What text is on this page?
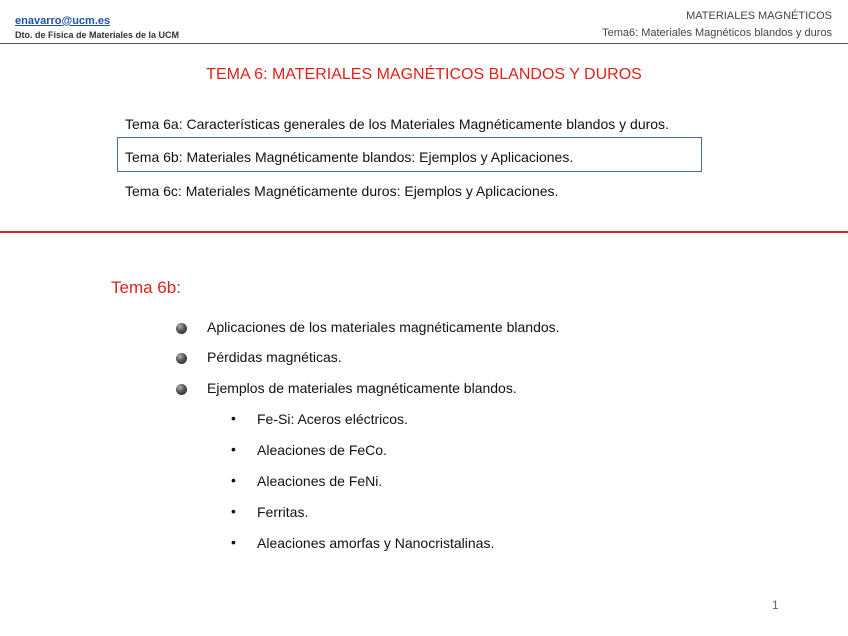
enavarro@ucm.es
Dto. de Física de Materiales de la UCM
MATERIALES MAGNÉTICOS
Tema6: Materiales Magnéticos blandos y duros
TEMA 6: MATERIALES MAGNÉTICOS BLANDOS Y DUROS
Tema 6a: Características generales de los Materiales Magnéticamente blandos y duros.
Tema 6b: Materiales Magnéticamente blandos: Ejemplos y Aplicaciones.
Tema 6c: Materiales Magnéticamente duros: Ejemplos y Aplicaciones.
Tema 6b:
Aplicaciones de los materiales magnéticamente blandos.
Pérdidas magnéticas.
Ejemplos de materiales magnéticamente blandos.
• Fe-Si: Aceros eléctricos.
• Aleaciones de FeCo.
• Aleaciones de FeNi.
• Ferritas.
• Aleaciones amorfas y Nanocristalinas.
1
